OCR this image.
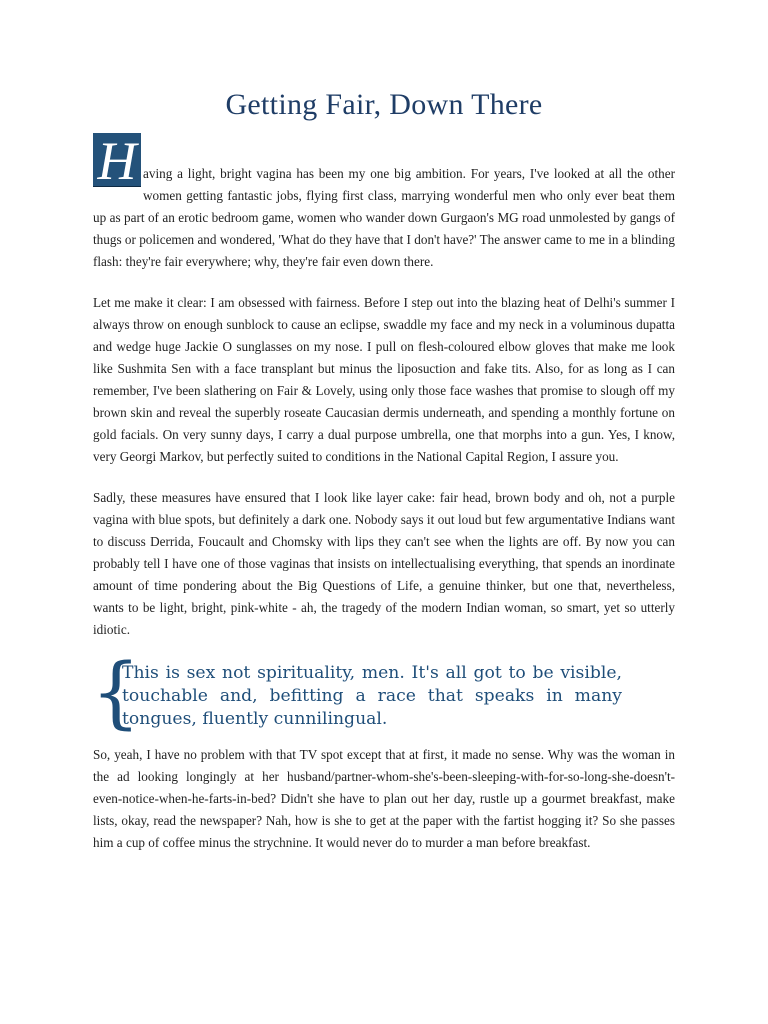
Getting Fair, Down There

H aving a light, bright vagina has been my one big ambition. For years, I've looked at all the other women getting fantastic jobs, flying first class, marrying wonderful men who only ever beat them up as part of an erotic bedroom game, women who wander down Gurgaon's MG road unmolested by gangs of thugs or policemen and wondered, 'What do they have that I don't have?' The answer came to me in a blinding flash: they're fair everywhere; why, they're fair even down there.

Let me make it clear: I am obsessed with fairness. Before I step out into the blazing heat of Delhi's summer I always throw on enough sunblock to cause an eclipse, swaddle my face and my neck in a voluminous dupatta and wedge huge Jackie O sunglasses on my nose. I pull on flesh-coloured elbow gloves that make me look like Sushmita Sen with a face transplant but minus the liposuction and fake tits. Also, for as long as I can remember, I've been slathering on Fair & Lovely, using only those face washes that promise to slough off my brown skin and reveal the superbly roseate Caucasian dermis underneath, and spending a monthly fortune on gold facials. On very sunny days, I carry a dual purpose umbrella, one that morphs into a gun. Yes, I know, very Georgi Markov, but perfectly suited to conditions in the National Capital Region, I assure you.

Sadly, these measures have ensured that I look like layer cake: fair head, brown body and oh, not a purple vagina with blue spots, but definitely a dark one. Nobody says it out loud but few argumentative Indians want to discuss Derrida, Foucault and Chomsky with lips they can't see when the lights are off. By now you can probably tell I have one of those vaginas that insists on intellectualising everything, that spends an inordinate amount of time pondering about the Big Questions of Life, a genuine thinker, but one that, nevertheless, wants to be light, bright, pink-white - ah, the tragedy of the modern Indian woman, so smart, yet so utterly idiotic.

{
This is sex not spirituality, men. It's all got to be visible, touchable and, befitting a race that speaks in many tongues, fluently cunnilingual.

So, yeah, I have no problem with that TV spot except that at first, it made no sense. Why was the woman in the ad looking longingly at her husband/partner-whom-she's-been-sleeping-with-for-so-long-she-doesn't-even-notice-when-he-farts-in-bed? Didn't she have to plan out her day, rustle up a gourmet breakfast, make lists, okay, read the newspaper? Nah, how is she to get at the paper with the fartist hogging it? So she passes him a cup of coffee minus the strychnine. It would never do to murder a man before breakfast.
